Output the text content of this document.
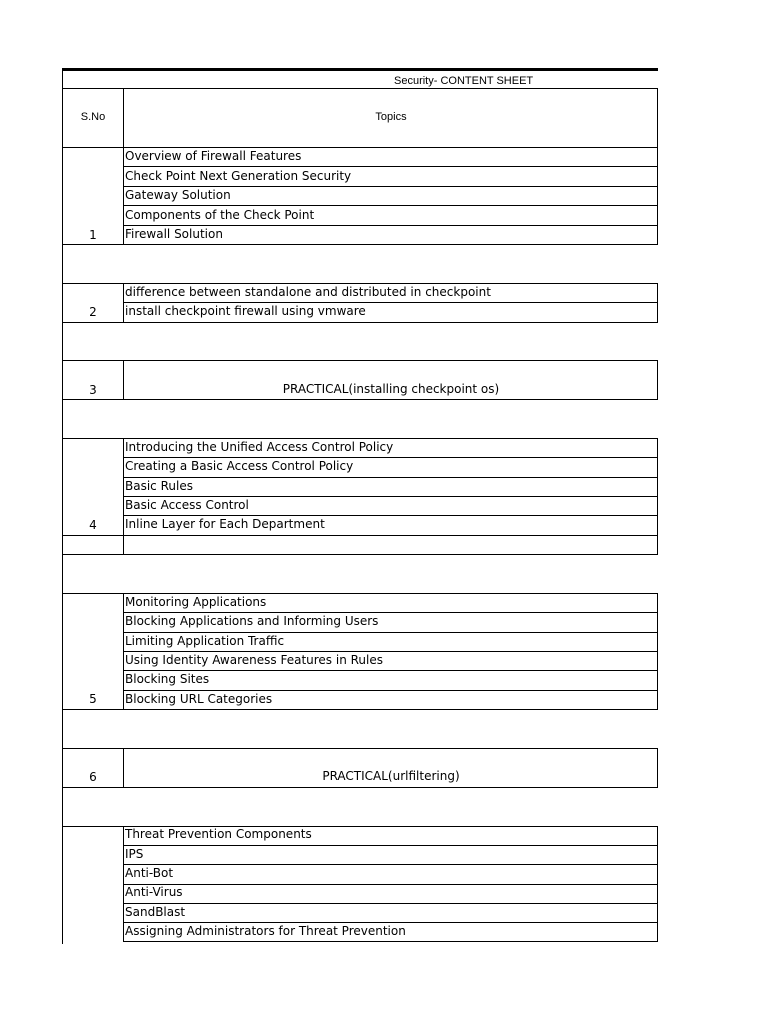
Security- CONTENT SHEET
S.No	Topics
Overview of Firewall Features
Check Point Next Generation Security
Gateway Solution
Components of the Check Point
Firewall Solution
1
difference between standalone and distributed in checkpoint
install checkpoint firewall using vmware
2
PRACTICAL(installing checkpoint os)
3
Introducing the Unified Access Control Policy
Creating a Basic Access Control Policy
Basic Rules
Basic Access Control
Inline Layer for Each Department
4
Monitoring Applications
Blocking Applications and Informing Users
Limiting Application Traffic
Using Identity Awareness Features in Rules
Blocking Sites
Blocking URL Categories
5
PRACTICAL(urlfiltering)
6
Threat Prevention Components
IPS
Anti-Bot
Anti-Virus
SandBlast
Assigning Administrators for Threat Prevention
